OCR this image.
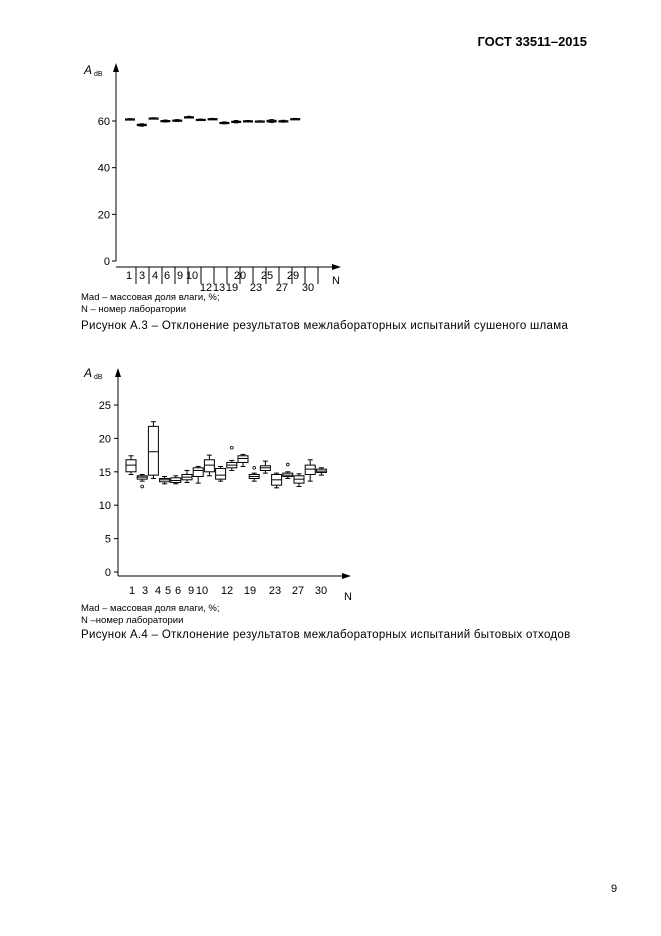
ГОСТ 33511–2015
A dB
N
0
20
40
60
1 3 4 6 9 10	20 25 29
12 13 19 23 27 30
Mad – массовая доля влаги, %;
N – номер лаборатории
Рисунок А.3 – Отклонение результатов межлабораторных испытаний сушеного шлама
A dB
N
0
5
10
15
20
25
1 3 4 5 6 9 10 12 19 23 27 30
Mad – массовая доля влаги, %;
N –номер лаборатории
Рисунок А.4 – Отклонение результатов межлабораторных испытаний бытовых отходов
9
